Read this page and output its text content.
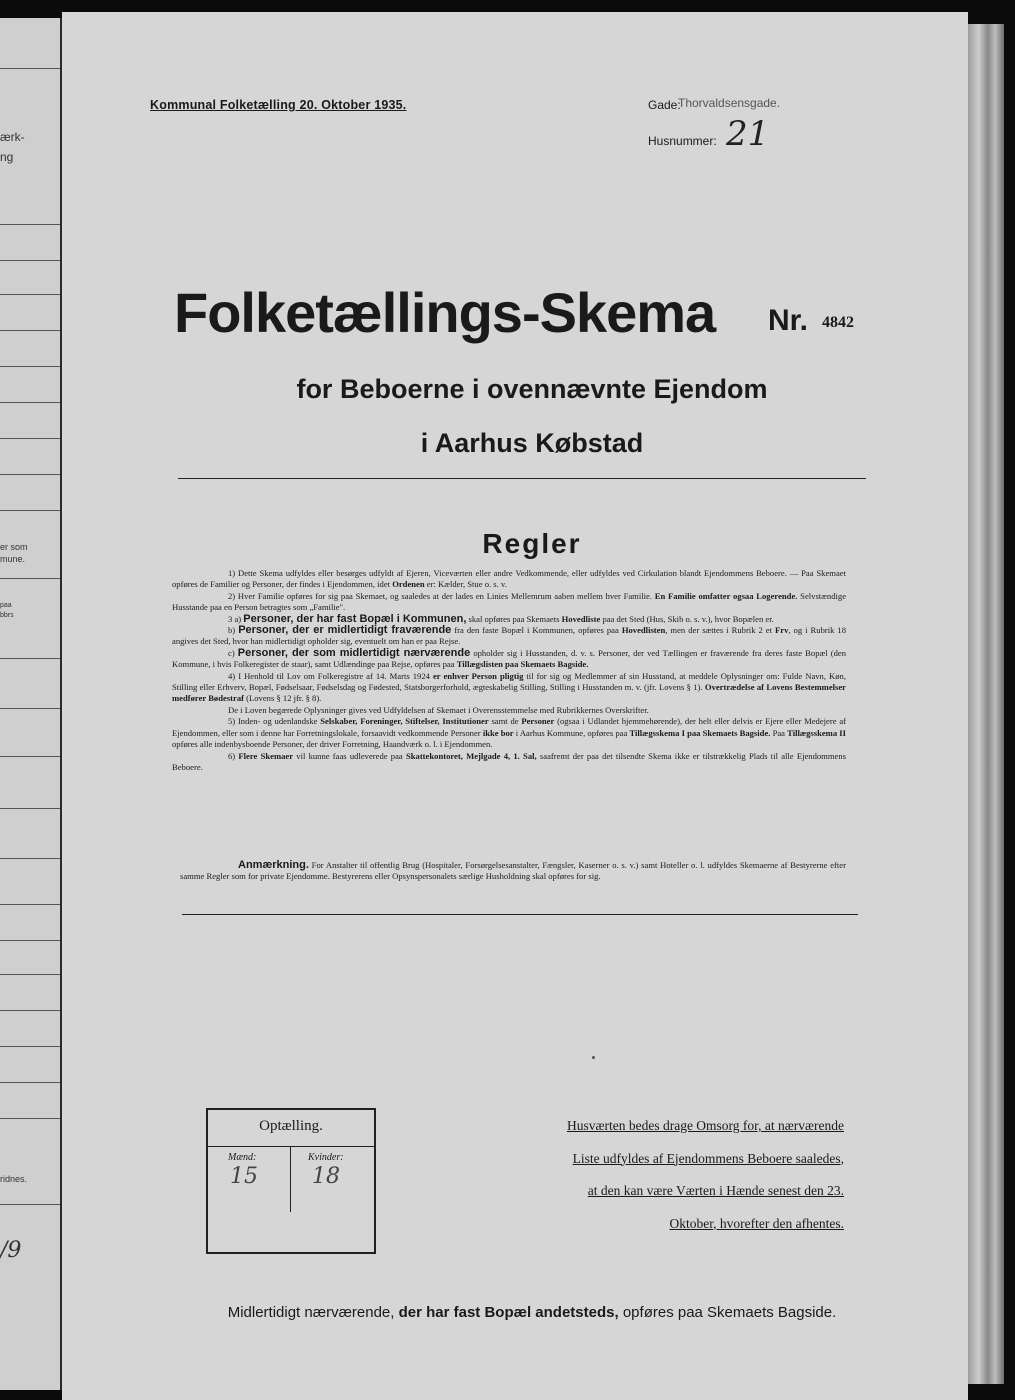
ærk-
ng
er som
mune.
paa
bbrs
ridnes.
/9
Kommunal Folketælling 20. Oktober 1935.	Gade:
Thorvaldsensgade.
Husnummer: 21
Folketællings-Skema Nr. 4842
for Beboerne i ovennævnte Ejendom
i Aarhus Købstad
Regler

1) Dette Skema udfyldes eller besørges udfyldt af Ejeren, Viceværten eller andre Vedkommende, eller udfyldes ved Cirkulation blandt Ejendommens Beboere. — Paa Skemaet opføres de Familier og Personer, der findes i Ejendommen, idet Ordenen er: Kælder, Stue o. s. v.

2) Hver Familie opføres for sig paa Skemaet, og saaledes at der lades en Linies Mellemrum aaben mellem hver Familie. En Familie omfatter ogsaa Logerende. Selvstændige Husstande paa en Person betragtes som „Familie".

3 a) Personer, der har fast Bopæl i Kommunen, skal opføres paa Skemaets Hovedliste paa det Sted (Hus, Skib o. s. v.), hvor Bopælen er.

b) Personer, der er midlertidigt fraværende fra den faste Bopæl i Kommunen, opføres paa Hovedlisten, men der sættes i Rubrik 2 et Frv, og i Rubrik 18 angives det Sted, hvor han midlertidigt opholder sig, eventuelt om han er paa Rejse.

c) Personer, der som midlertidigt nærværende opholder sig i Husstanden, d. v. s. Personer, der ved Tællingen er fraværende fra deres faste Bopæl (den Kommune, i hvis Folkeregister de staar), samt Udlændinge paa Rejse, opføres paa Tillægslisten paa Skemaets Bagside.

4) I Henhold til Lov om Folkeregistre af 14. Marts 1924 er enhver Person pligtig til for sig og Medlemmer af sin Husstand, at meddele Oplysninger om: Fulde Navn, Køn, Stilling eller Erhverv, Bopæl, Fødselsaar, Fødselsdag og Fødested, Statsborgerforhold, ægteskabelig Stilling, Stilling i Husstanden m. v. (jfr. Lovens § 1). Overtrædelse af Lovens Bestemmelser medfører Bødestraf (Lovens § 12 jfr. § 8).

De i Loven begærede Oplysninger gives ved Udfyldelsen af Skemaet i Overensstemmelse med Rubrikkernes Overskrifter.

5) Inden- og udenlandske Selskaber, Foreninger, Stiftelser, Institutioner samt de Personer (ogsaa i Udlandet hjemmehørende), der helt eller delvis er Ejere eller Medejere af Ejendommen, eller som i denne har Forretningslokale, forsaavidt vedkommende Personer ikke bor i Aarhus Kommune, opføres paa Tillægsskema I paa Skemaets Bagside. Paa Tillægsskema II opføres alle indenbysboende Personer, der driver Forretning, Haandværk o. l. i Ejendommen.

6) Flere Skemaer vil kunne faas udleverede paa Skattekontoret, Mejlgade 4, 1. Sal, saafremt der paa det tilsendte Skema ikke er tilstrækkelig Plads til alle Ejendommens Beboere.

Anmærkning. For Anstalter til offentlig Brug (Hospitaler, Forsørgelsesanstalter, Fængsler, Kaserner o. s. v.) samt Hoteller o. l. udfyldes Skemaerne af Bestyrerne efter samme Regler som for private Ejendomme. Bestyrerens eller Opsynspersonalets særlige Husholdning skal opføres for sig.

Optælling.
Mænd:	Kvinder:
15 18
Husværten bedes drage Omsorg for, at nærværende
Liste udfyldes af Ejendommens Beboere saaledes,
at den kan være Værten i Hænde senest den 23.
Oktober, hvorefter den afhentes.
Midlertidigt nærværende, der har fast Bopæl andetsteds, opføres paa Skemaets Bagside.
